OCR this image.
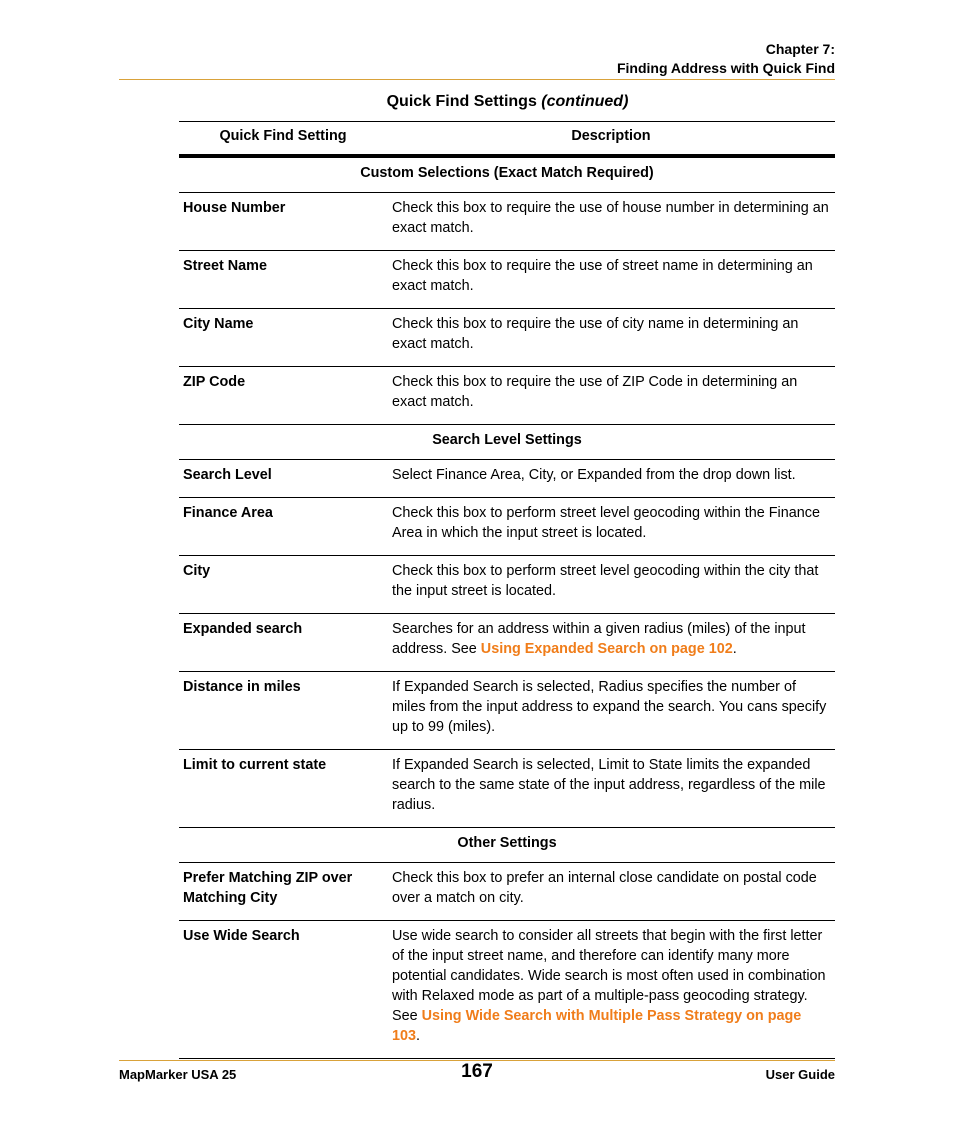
Chapter 7:
Finding Address with Quick Find
Quick Find Settings (continued)
Quick Find Setting	Description
Custom Selections (Exact Match Required)	
House Number	Check this box to require the use of house number in determining an exact match.
Street Name	Check this box to require the use of street name in determining an exact match.
City Name	Check this box to require the use of city name in determining an exact match.
ZIP Code	Check this box to require the use of ZIP Code in determining an exact match.
Search Level Settings	
Search Level	Select Finance Area, City, or Expanded from the drop down list.
Finance Area	Check this box to perform street level geocoding within the Finance Area in which the input street is located.
City	Check this box to perform street level geocoding within the city that the input street is located.
Expanded search	Searches for an address within a given radius (miles) of the input address. See Using Expanded Search on page 102.
Distance in miles	If Expanded Search is selected, Radius specifies the number of miles from the input address to expand the search. You cans specify up to 99 (miles).
Limit to current state	If Expanded Search is selected, Limit to State limits the expanded search to the same state of the input address, regardless of the mile radius.
Other Settings	
Prefer Matching ZIP over Matching City	Check this box to prefer an internal close candidate on postal code over a match on city.
Use Wide Search	Use wide search to consider all streets that begin with the first letter of the input street name, and therefore can identify many more potential candidates. Wide search is most often used in combination with Relaxed mode as part of a multiple-pass geocoding strategy. See Using Wide Search with Multiple Pass Strategy on page 103.
MapMarker USA 25	167	User Guide
